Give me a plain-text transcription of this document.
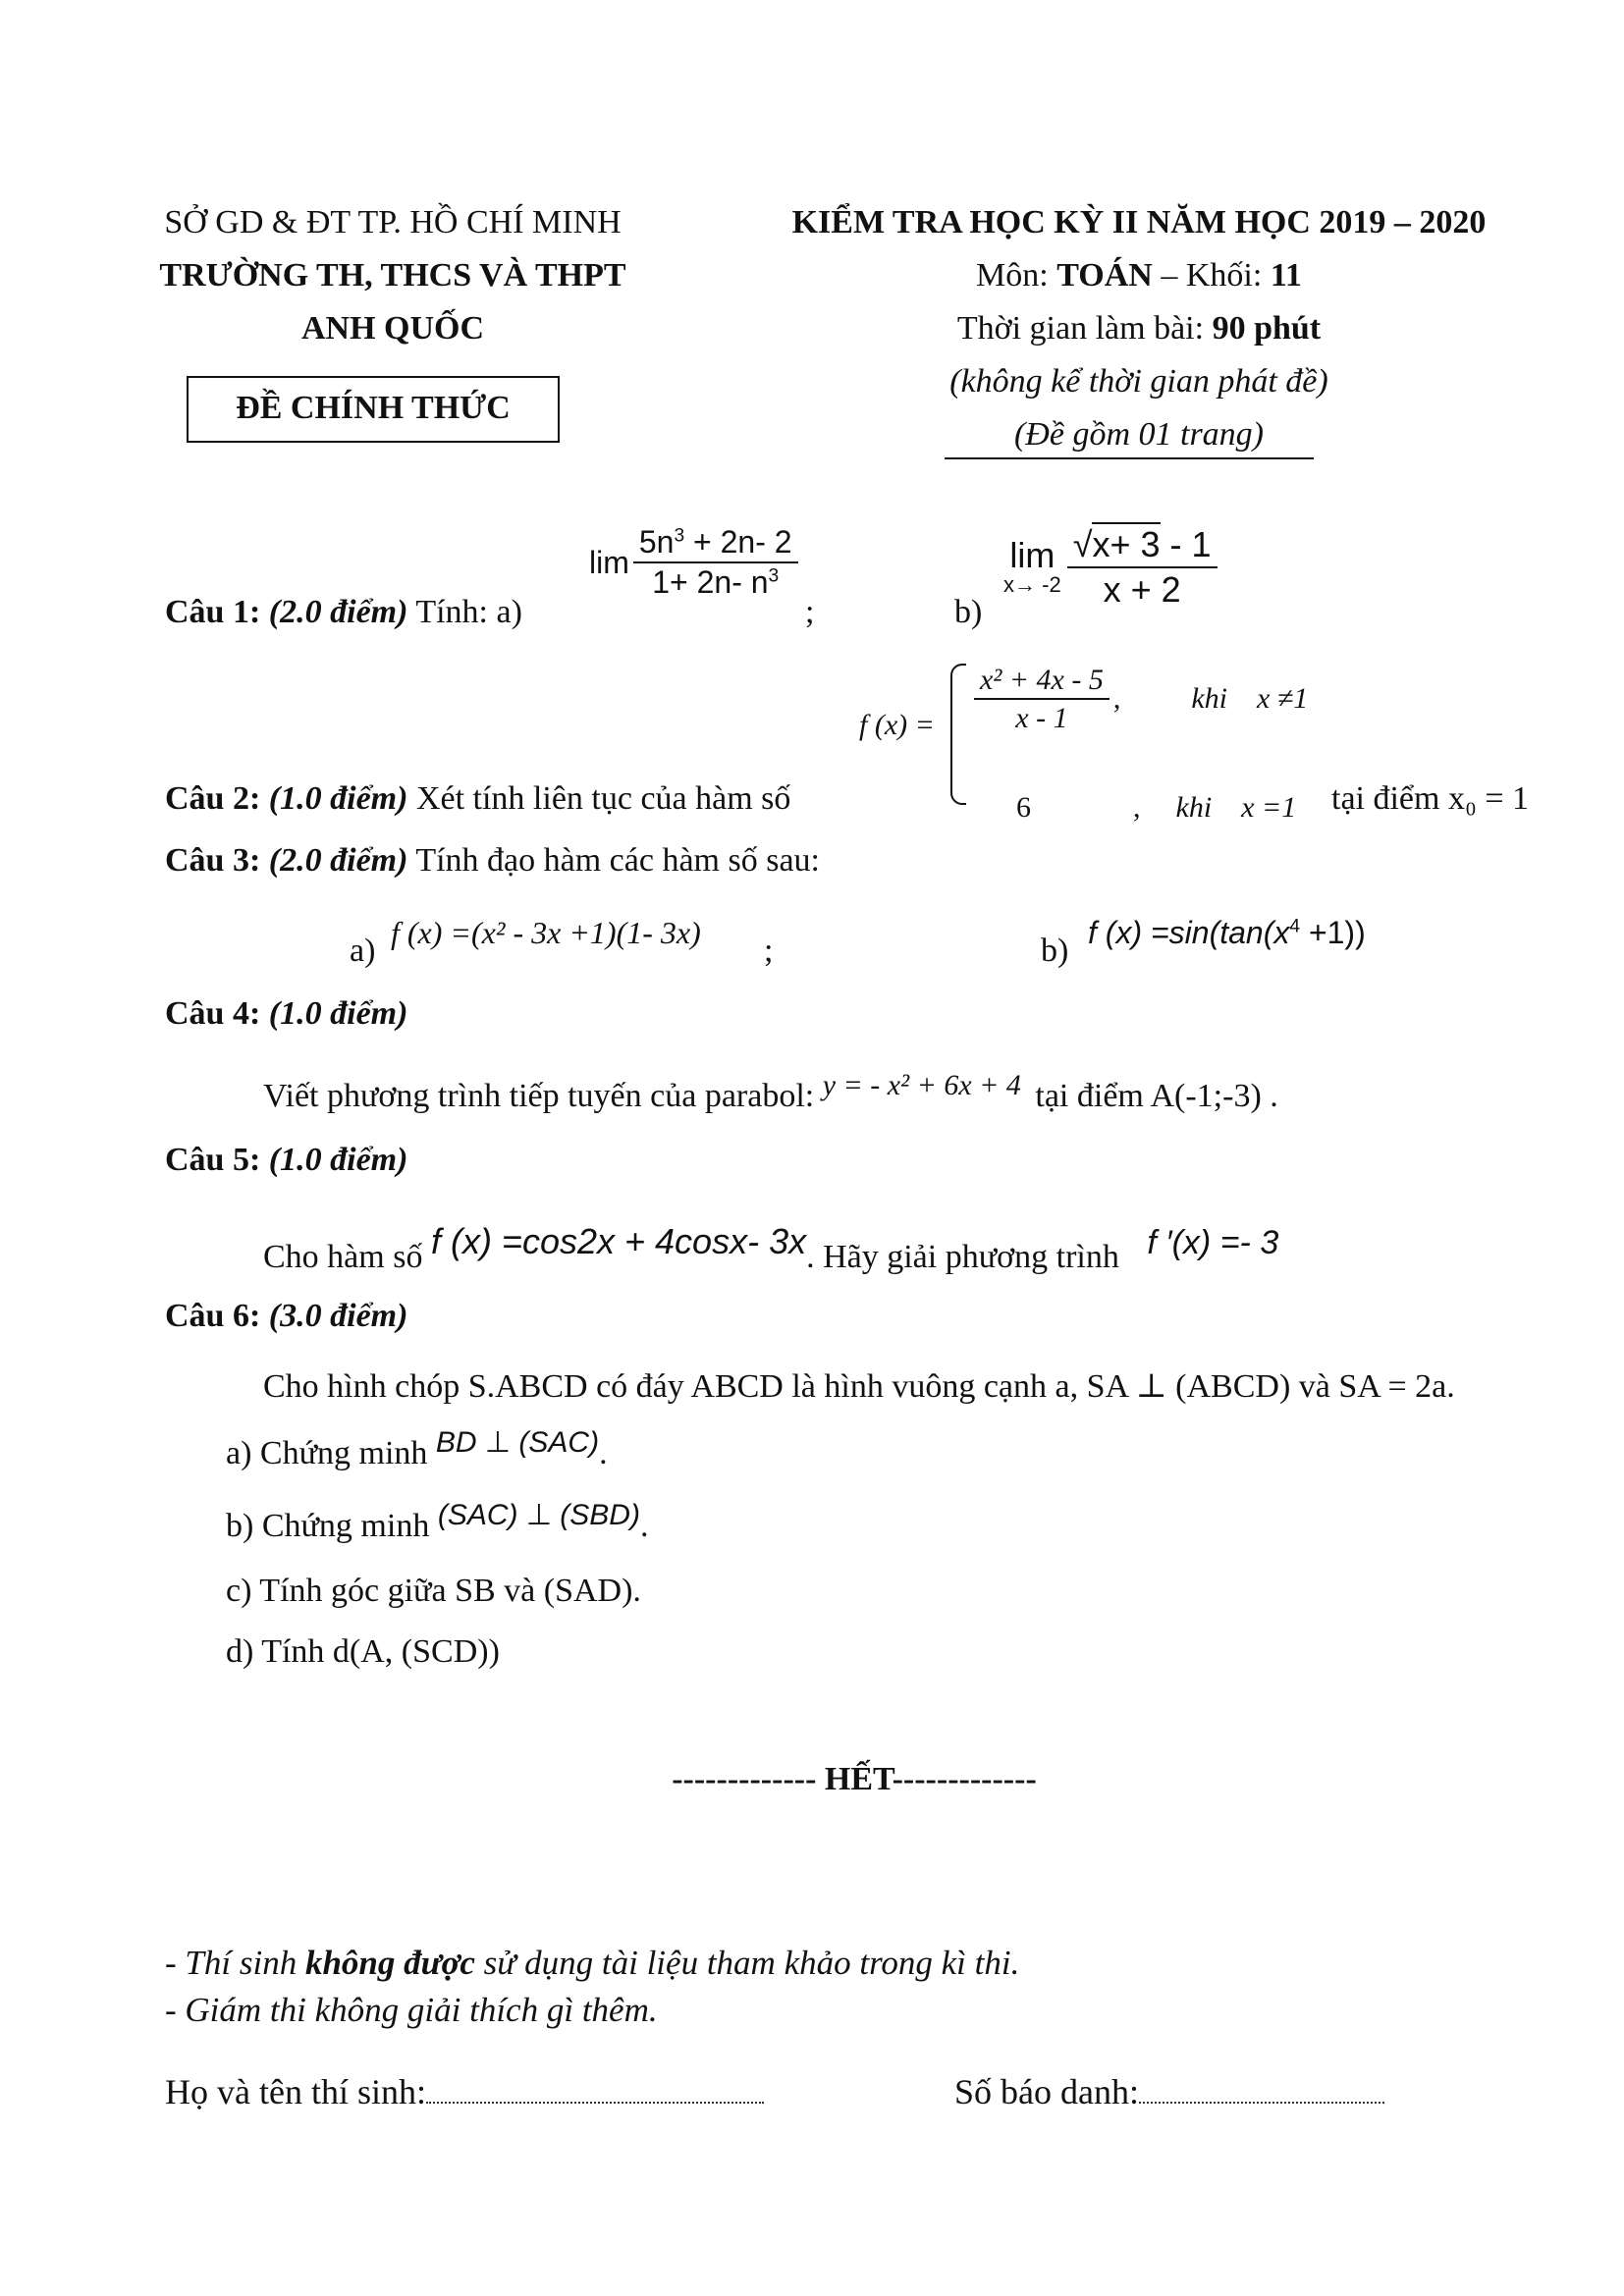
SỞ GD & ĐT TP. HỒ CHÍ MINH
TRƯỜNG TH, THCS VÀ THPT
ANH QUỐC
ĐỀ CHÍNH THỨC
KIỂM TRA HỌC KỲ II NĂM HỌC 2019 – 2020
Môn: TOÁN – Khối: 11
Thời gian làm bài: 90 phút
(không kể thời gian phát đề)
(Đề gồm 01 trang)
Câu 1: (2.0 điểm) Tính: a)
$\lim \frac{5n^3 + 2n- 2}{1+ 2n- n^3}$
;	b)
lim
$x\to -2 \frac{√x+ 3 - 1}{x + 2}$
Câu 2: (1.0 điểm) Xét tính liên tục của hàm số
f $(x) = \frac{\text{x² + 4x - 5}}{x - 1}$ , khi    x ≠1

6	, khi    x =1 tại điểm x₀ = 1
Câu 3: (2.0 điểm) Tính đạo hàm các hàm số sau:
a) f (x) =(x² - 3x +1)(1- 3x) ;	b) f $(x) =\sin(\tan(x^4 +1))$
Câu 4: (1.0 điểm)
Viết phương trình tiếp tuyến của parabol: y = - x² + 6x + 4 tại điểm A(-1;-3) .
Câu 5: (1.0 điểm)
Cho hàm số f (x) =cos2x + 4cosx- 3x. Hãy giải phương trình f ′(x) =- 3
Câu 6: (3.0 điểm)
Cho hình chóp S.ABCD có đáy ABCD là hình vuông cạnh a, SA ⊥ (ABCD) và SA = 2a.
a) Chứng minh BD ⊥ (SAC).
b) Chứng minh (SAC) ⊥ (SBD).
c) Tính góc giữa SB và (SAD).
d) Tính d(A, (SCD))
------------- HẾT-------------
- Thí sinh không được sử dụng tài liệu tham khảo trong kì thi.
- Giám thi không giải thích gì thêm.
Họ và tên thí sinh:	Số báo danh:
